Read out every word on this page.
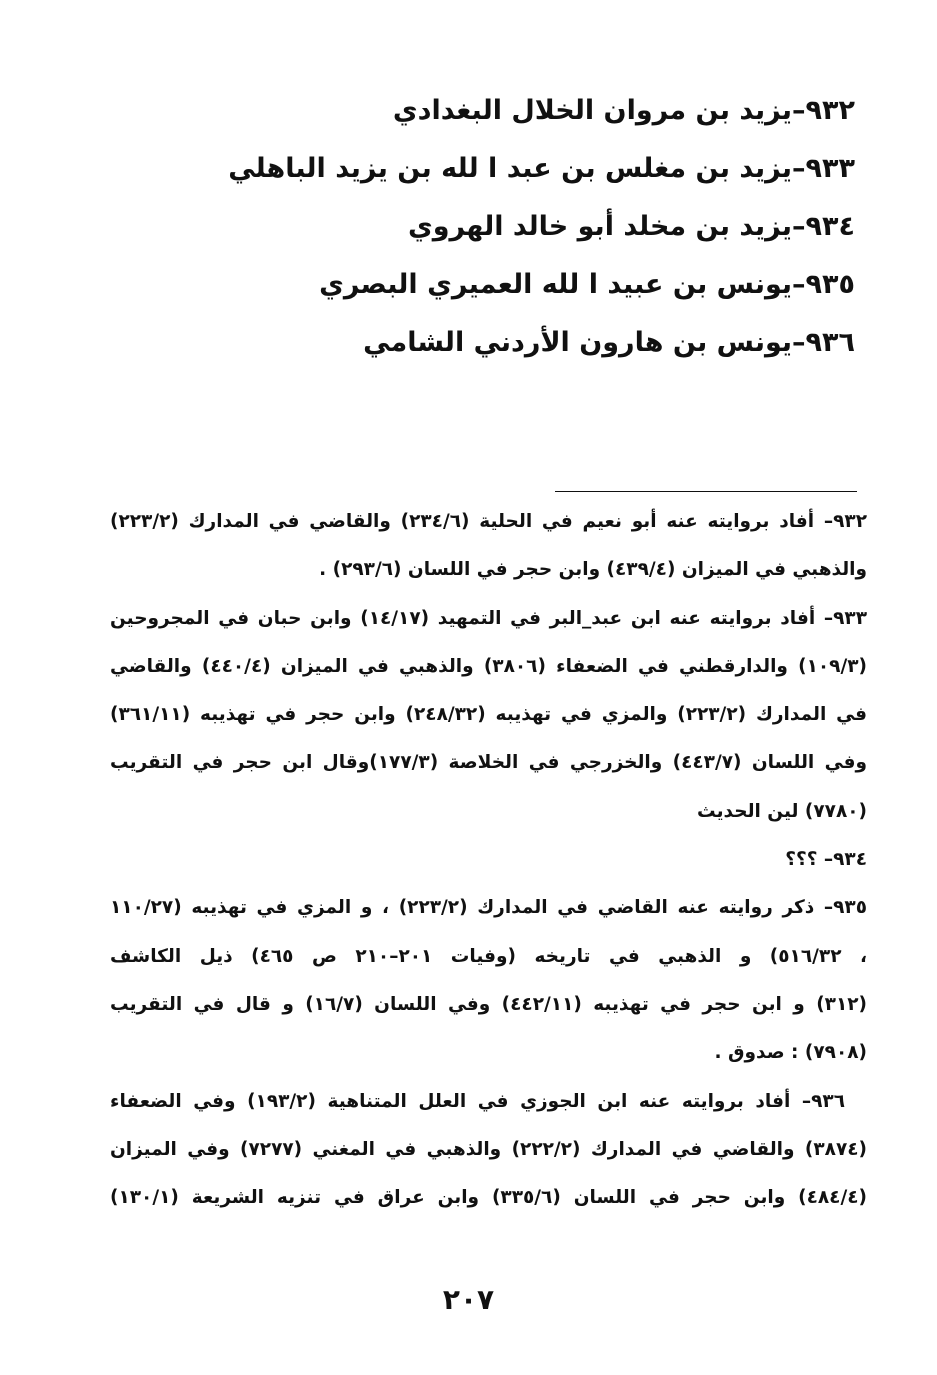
٩٣٢–يزيد بن مروان الخلال البغدادي
٩٣٣–يزيد بن مغلس بن عبد ا لله بن يزيد الباهلي
٩٣٤–يزيد بن مخلد أبو خالد الهروي
٩٣٥–يونس بن عبيد ا لله العميري البصري
٩٣٦–يونس بن هارون الأردني الشامي
٩٣٢– أفاد بروايته عنه أبو نعيم في الحلية (٢٣٤/٦) والقاضي في المدارك (٢٢٣/٢)
والذهبي في الميزان (٤٣٩/٤) وابن حجر في اللسان (٢٩٣/٦) .
٩٣٣– أفاد بروايته عنه ابن عبد_البر في التمهيد (١٤/١٧) وابن حبان في المجروحين
(١٠٩/٣) والدارقطني في الضعفاء (٣٨٠٦) والذهبي في الميزان (٤٤٠/٤) والقاضي
في المدارك (٢٢٣/٢) والمزي في تهذيبه (٢٤٨/٣٢) وابن حجر في تهذيبه (٣٦١/١١)
وفي اللسان (٤٤٣/٧) والخزرجي في الخلاصة (١٧٧/٣)وقال ابن حجر في التقريب
(٧٧٨٠) لين الحديث
٩٣٤– ؟؟؟
٩٣٥– ذكر روايته عنه القاضي في المدارك (٢٢٣/٢) ، و المزي في تهذيبه (١١٠/٢٧
، ٥١٦/٣٢) و الذهبي في تاريخه (وفيات ٢٠١–٢١٠ ص ٤٦٥) ذيل الكاشف
(٣١٢) و ابن حجر في تهذيبه (٤٤٢/١١) وفي اللسان (١٦/٧) و قال في التقريب
(٧٩٠٨) : صدوق .
٩٣٦– أفاد بروايته عنه ابن الجوزي في العلل المتناهية (١٩٣/٢) وفي الضعفاء
(٣٨٧٤) والقاضي في المدارك (٢٢٢/٢) والذهبي في المغني (٧٢٧٧) وفي الميزان
(٤٨٤/٤) وابن حجر في اللسان (٣٣٥/٦) وابن عراق في تنزيه الشريعة (١٣٠/١)
٢٠٧
